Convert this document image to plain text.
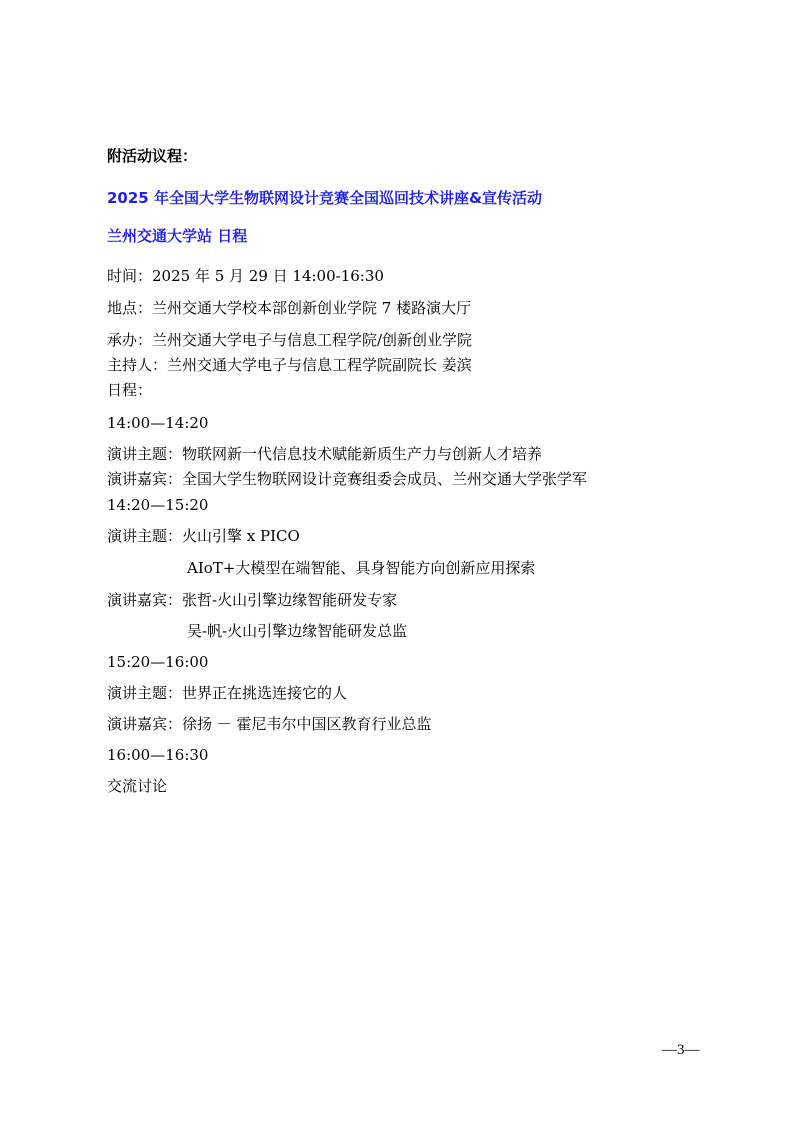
附活动议程：
2025 年全国大学生物联网设计竞赛全国巡回技术讲座&宣传活动
兰州交通大学站 日程
时间：2025 年 5 月 29 日 14:00-16:30
地点：兰州交通大学校本部创新创业学院 7 楼路演大厅
承办：兰州交通大学电子与信息工程学院/创新创业学院
主持人：兰州交通大学电子与信息工程学院副院长 姜滨
日程：
14:00—14:20
演讲主题：物联网新一代信息技术赋能新质生产力与创新人才培养
演讲嘉宾：全国大学生物联网设计竞赛组委会成员、兰州交通大学张学军
14:20—15:20
演讲主题：火山引擎 x PICO
AIoT+大模型在端智能、具身智能方向创新应用探索
演讲嘉宾：张哲-火山引擎边缘智能研发专家
吴-帆-火山引擎边缘智能研发总监
15:20—16:00
演讲主题：世界正在挑选连接它的人
演讲嘉宾：徐扬 － 霍尼韦尔中国区教育行业总监
16:00—16:30
交流讨论
—3—
